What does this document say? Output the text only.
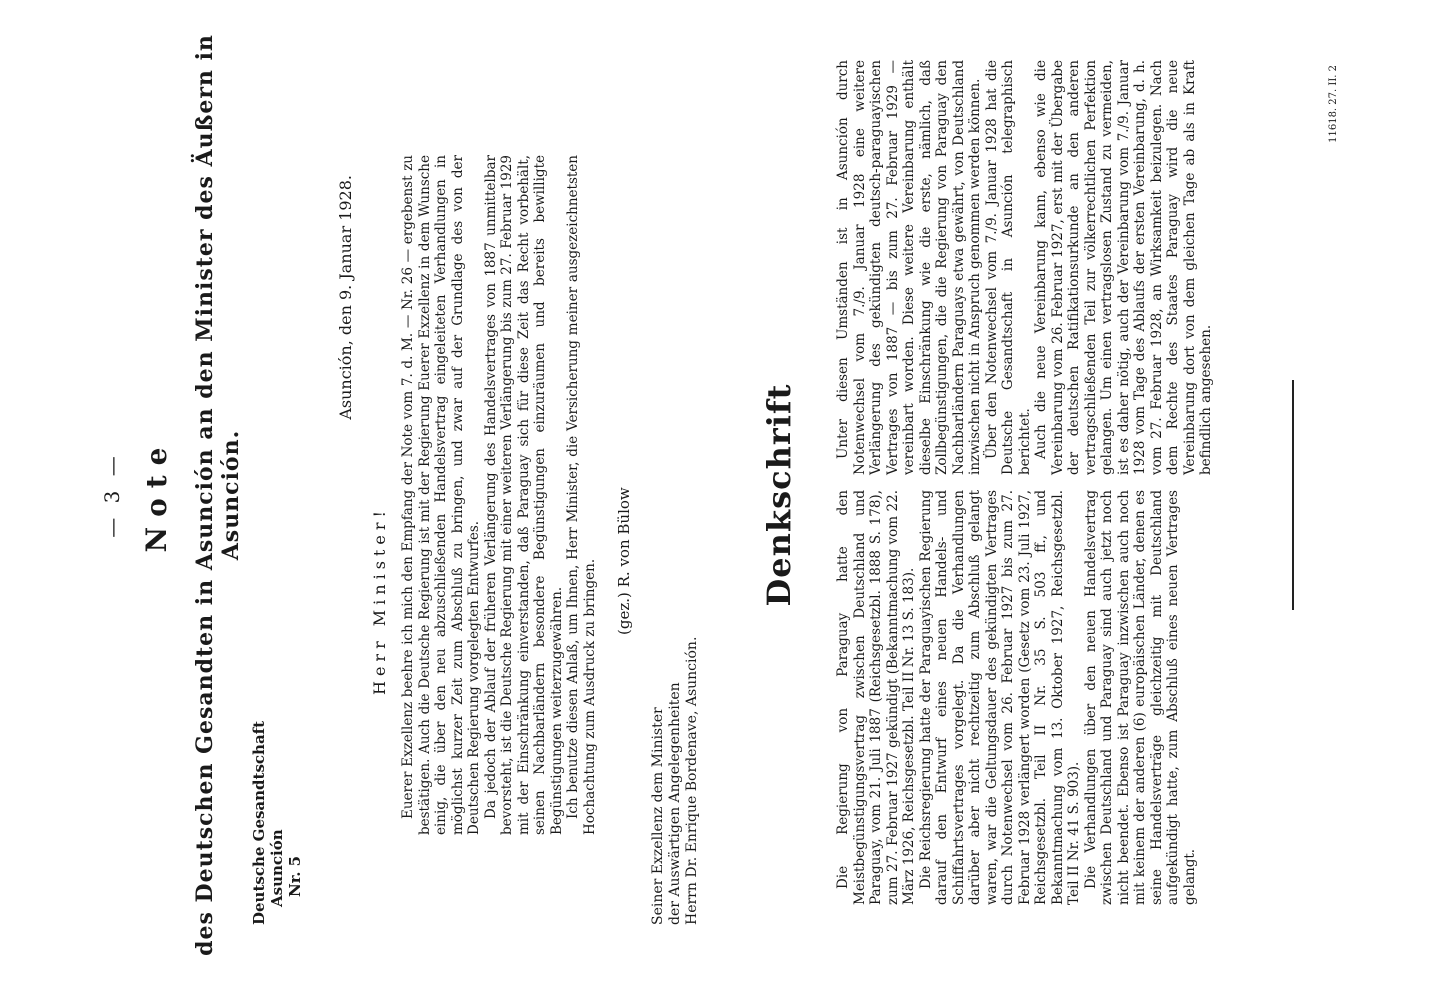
— 3 — Note des Deutschen Gesandten in Asunción an den Minister des Äußern in Asunción.
Deutsche Gesandtschaft Asunción Nr. 5
Asunción, den 9. Januar 1928.
Herr Minister! Euerer Exzellenz beehre ich mich den Empfang der Note vom 7. d. M. — Nr. 26 — ergebenst zu bestätigen. Auch die Deutsche Regierung ist mit der Regierung Euerer Exzellenz in dem Wunsche einig, die über den neu abzuschließenden Handelsvertrag eingeleiteten Verhandlungen in möglichst kurzer Zeit zum Abschluß zu bringen, und zwar auf der Grundlage des von der Deutschen Regierung vorgelegten Entwurfes. Da jedoch der Ablauf der früheren Verlängerung des Handelsvertrages von 1887 unmittelbar bevorsteht, ist die Deutsche Regierung mit einer weiteren Verlängerung bis zum 27. Februar 1929 mit der Einschränkung einverstanden, daß Paraguay sich für diese Zeit das Recht vorbehält, seinen Nachbarländern besondere Begünstigungen einzuräumen und bereits bewilligte Begünstigungen weiterzugewähren. Ich benutze diesen Anlaß, um Ihnen, Herr Minister, die Versicherung meiner ausgezeichnetsten Hochachtung zum Ausdruck zu bringen. (gez.) R. von Bülow
Seiner Exzellenz dem Minister der Auswärtigen Angelegenheiten Herrn Dr. Enrique Bordenave, Asunción.
Denkschrift	Die Regierung von Paraguay hatte den Meistbegünstigungsvertrag zwischen Deutschland und Paraguay, vom 21. Juli 1887 (Reichsgesetzbl. 1888 S. 178), zum 27. Februar 1927 gekündigt (Bekanntmachung vom 22. März 1926, Reichsgesetzbl. Teil II Nr. 13 S. 183). Die Reichsregierung hatte der Paraguayischen Regierung darauf den Entwurf eines neuen Handels- und Schiffahrtsvertrages vorgelegt. Da die Verhandlungen darüber aber nicht rechtzeitig zum Abschluß gelangt waren, war die Geltungsdauer des gekündigten Vertrages durch Notenwechsel vom 26. Februar 1927 bis zum 27. Februar 1928 verlängert worden (Gesetz vom 23. Juli 1927, Reichsgesetzbl. Teil II Nr. 35 S. 503 ff., und Bekanntmachung vom 13. Oktober 1927, Reichsgesetzbl. Teil II Nr. 41 S. 903). Die Verhandlungen über den neuen Handelsvertrag zwischen Deutschland und Paraguay sind auch jetzt noch nicht beendet. Ebenso ist Paraguay inzwischen auch noch mit keinem der anderen (6) europäischen Länder, denen es seine Handelsverträge gleichzeitig mit Deutschland aufgekündigt hatte, zum Abschluß eines neuen Vertrages gelangt.

Unter diesen Umständen ist in Asunción durch Notenwechsel vom 7./9. Januar 1928 eine weitere Verlängerung des gekündigten deutsch-paraguayischen Vertrages von 1887 — bis zum 27. Februar 1929 — vereinbart worden. Diese weitere Vereinbarung enthält dieselbe Einschränkung wie die erste, nämlich, daß Zollbegünstigungen, die die Regierung von Paraguay den Nachbarländern Paraguays etwa gewährt, von Deutschland inzwischen nicht in Anspruch genommen werden können. Über den Notenwechsel vom 7./9. Januar 1928 hat die Deutsche Gesandtschaft in Asunción telegraphisch berichtet. Auch die neue Vereinbarung kann, ebenso wie die Vereinbarung vom 26. Februar 1927, erst mit der Übergabe der deutschen Ratifikationsurkunde an den anderen vertragschließenden Teil zur völkerrechtlichen Perfektion gelangen. Um einen vertragslosen Zustand zu vermeiden, ist es daher nötig, auch der Vereinbarung vom 7./9. Januar 1928 vom Tage des Ablaufs der ersten Vereinbarung, d. h. vom 27. Februar 1928, an Wirksamkeit beizulegen. Nach dem Rechte des Staates Paraguay wird die neue Vereinbarung dort von dem gleichen Tage ab als in Kraft befindlich angesehen.

11618. 27. II. 2
